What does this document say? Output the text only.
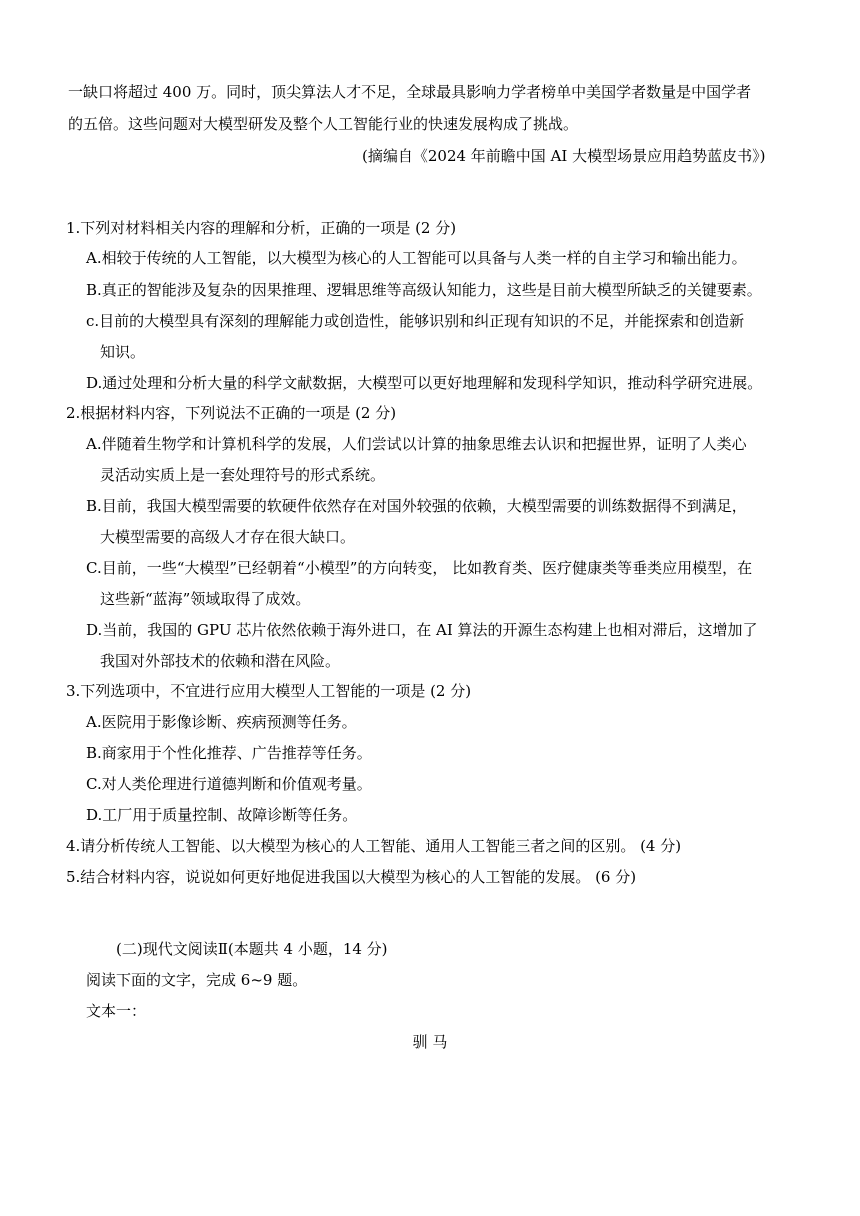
一缺口将超过 400 万。同时，顶尖算法人才不足，全球最具影响力学者榜单中美国学者数量是中国学者
的五倍。这些问题对大模型研发及整个人工智能行业的快速发展构成了挑战。
(摘编自《2024 年前瞻中国 AI 大模型场景应用趋势蓝皮书》)
1.下列对材料相关内容的理解和分析，正确的一项是 (2 分)
A.相较于传统的人工智能，以大模型为核心的人工智能可以具备与人类一样的自主学习和输出能力。
B.真正的智能涉及复杂的因果推理、逻辑思维等高级认知能力，这些是目前大模型所缺乏的关键要素。
c.目前的大模型具有深刻的理解能力或创造性，能够识别和纠正现有知识的不足，并能探索和创造新
知识。
D.通过处理和分析大量的科学文献数据，大模型可以更好地理解和发现科学知识，推动科学研究进展。
2.根据材料内容，下列说法不正确的一项是 (2 分)
A.伴随着生物学和计算机科学的发展，人们尝试以计算的抽象思维去认识和把握世界，证明了人类心
灵活动实质上是一套处理符号的形式系统。
B.目前，我国大模型需要的软硬件依然存在对国外较强的依赖，大模型需要的训练数据得不到满足，
大模型需要的高级人才存在很大缺口。
C.目前，一些“大模型”已经朝着“小模型”的方向转变， 比如教育类、医疗健康类等垂类应用模型，在
这些新“蓝海”领域取得了成效。
D.当前，我国的 GPU 芯片依然依赖于海外进口，在 AI 算法的开源生态构建上也相对滞后，这增加了
我国对外部技术的依赖和潜在风险。
3.下列选项中，不宜进行应用大模型人工智能的一项是 (2 分)
A.医院用于影像诊断、疾病预测等任务。
B.商家用于个性化推荐、广告推荐等任务。
C.对人类伦理进行道德判断和价值观考量。
D.工厂用于质量控制、故障诊断等任务。
4.请分析传统人工智能、以大模型为核心的人工智能、通用人工智能三者之间的区别。 (4 分)
5.结合材料内容，说说如何更好地促进我国以大模型为核心的人工智能的发展。 (6 分)
(二)现代文阅读Ⅱ(本题共 4 小题，14 分)
阅读下面的文字，完成 6~9 题。
文本一：
驯 马
